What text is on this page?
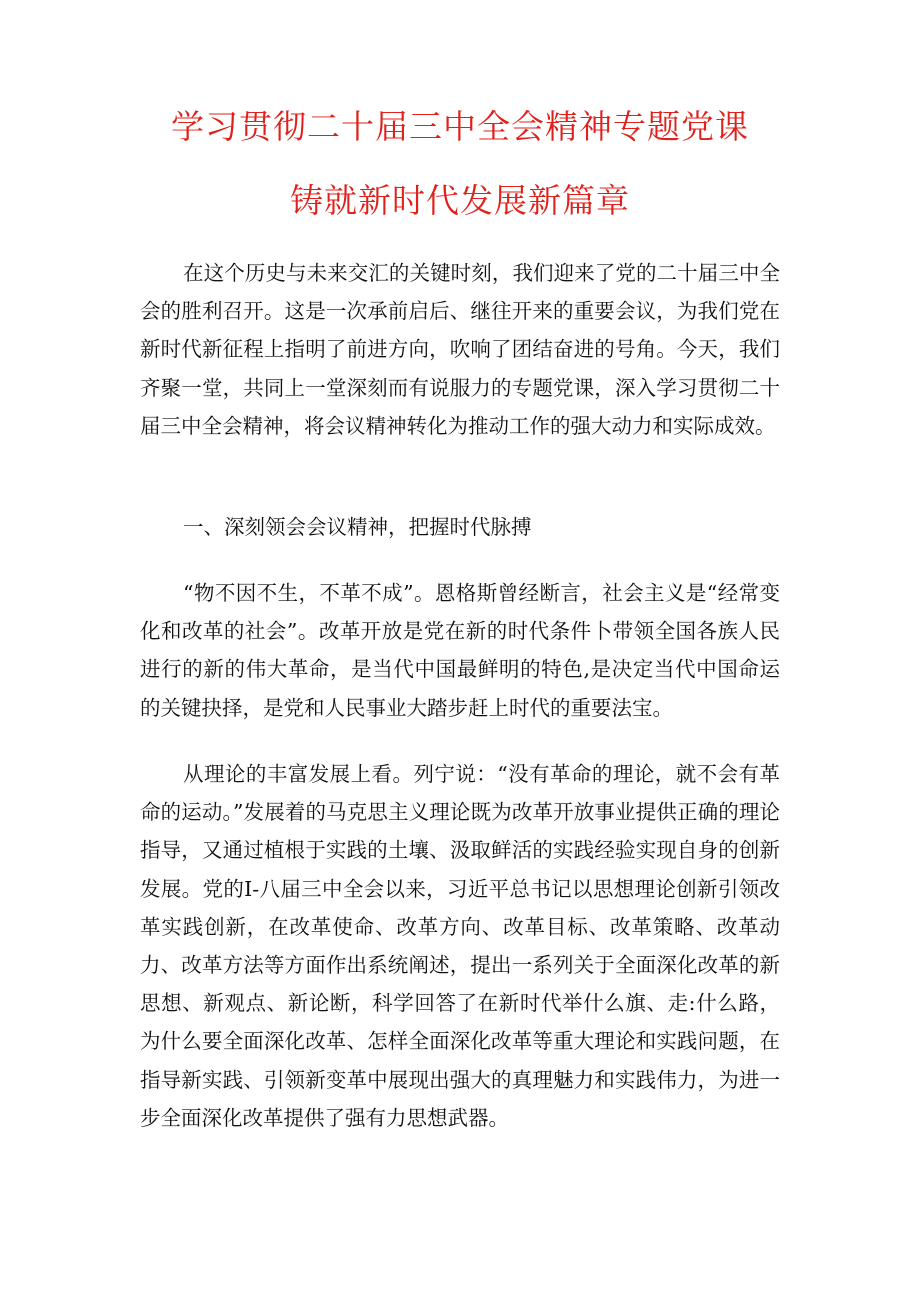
学习贯彻二十届三中全会精神专题党课
铸就新时代发展新篇章

在这个历史与未来交汇的关键时刻，我们迎来了党的二十届三中全会的胜利召开。这是一次承前启后、继往开来的重要会议，为我们党在新时代新征程上指明了前进方向，吹响了团结奋进的号角。今天，我们齐聚一堂，共同上一堂深刻而有说服力的专题党课，深入学习贯彻二十届三中全会精神，将会议精神转化为推动工作的强大动力和实际成效。

一、深刻领会会议精神，把握时代脉搏

“物不因不生，不革不成”。恩格斯曾经断言，社会主义是“经常变化和改革的社会”。改革开放是党在新的时代条件卜带领全国各族人民进行的新的伟大革命，是当代中国最鲜明的特色,是决定当代中国命运的关键抉择，是党和人民事业大踏步赶上时代的重要法宝。

从理论的丰富发展上看。列宁说：“没有革命的理论，就不会有革命的运动。”发展着的马克思主义理论既为改革开放事业提供正确的理论指导，又通过植根于实践的土壤、汲取鲜活的实践经验实现自身的创新发展。党的I-八届三中全会以来，习近平总书记以思想理论创新引领改革实践创新，在改革使命、改革方向、改革目标、改革策略、改革动力、改革方法等方面作出系统阐述，提出一系列关于全面深化改革的新思想、新观点、新论断，科学回答了在新时代举什么旗、走:什么路，为什么要全面深化改革、怎样全面深化改革等重大理论和实践问题，在指导新实践、引领新变革中展现出强大的真理魅力和实践伟力，为进一步全面深化改革提供了强有力思想武器。
